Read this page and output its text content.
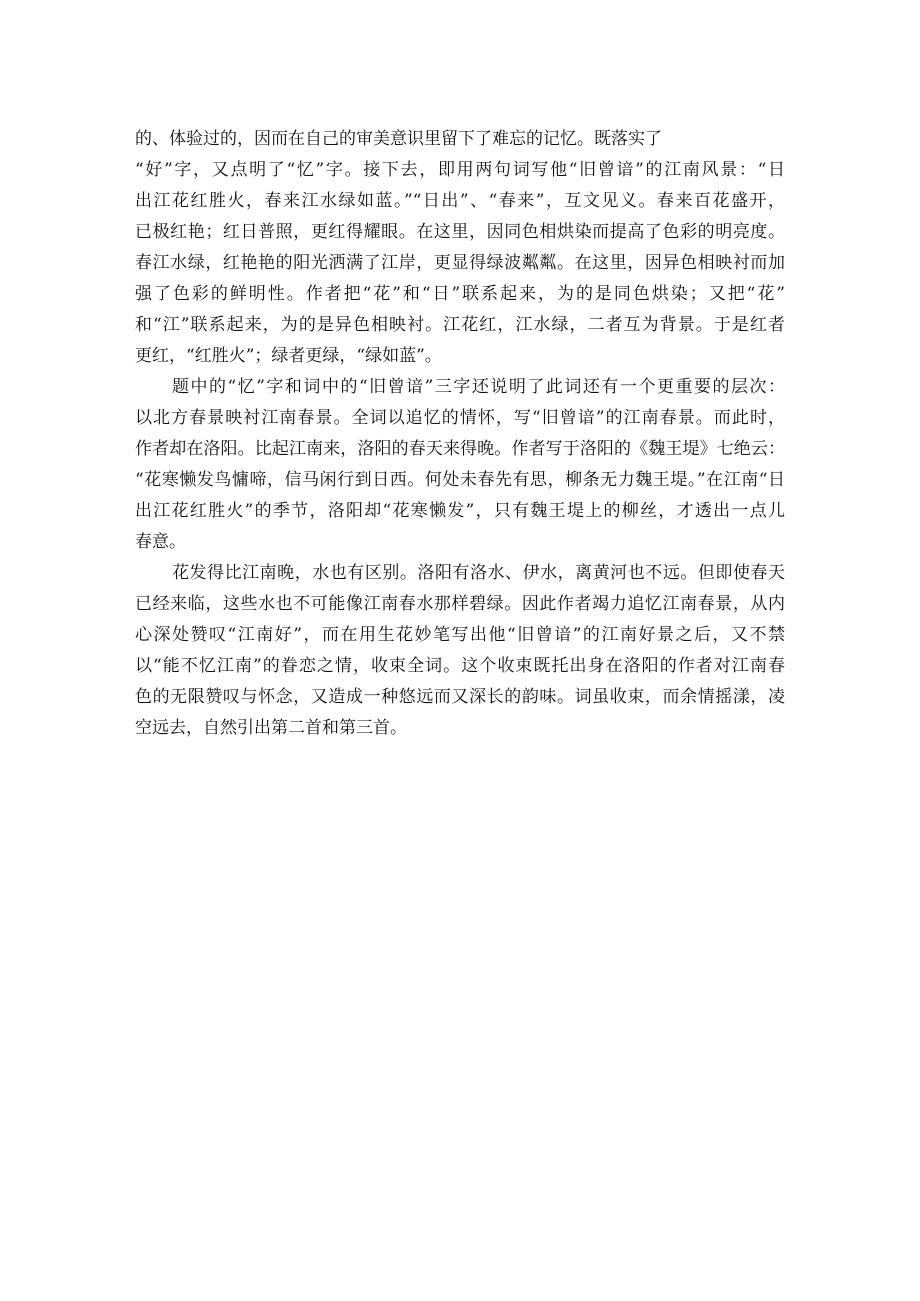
的、体验过的，因而在自己的审美意识里留下了难忘的记忆。既落实了
“好”字，又点明了“忆”字。接下去，即用两句词写他“旧曾谙”的江南风景：“日
出江花红胜火，春来江水绿如蓝。”“日出”、“春来”，互文见义。春来百花盛开，
已极红艳；红日普照，更红得耀眼。在这里，因同色相烘染而提高了色彩的明亮度。
春江水绿，红艳艳的阳光洒满了江岸，更显得绿波粼粼。在这里，因异色相映衬而加
强了色彩的鲜明性。作者把“花”和“日”联系起来，为的是同色烘染；又把“花”
和“江”联系起来，为的是异色相映衬。江花红，江水绿，二者互为背景。于是红者
更红，“红胜火”；绿者更绿，“绿如蓝”。
题中的“忆”字和词中的“旧曾谙”三字还说明了此词还有一个更重要的层次：
以北方春景映衬江南春景。全词以追忆的情怀，写“旧曾谙”的江南春景。而此时，
作者却在洛阳。比起江南来，洛阳的春天来得晚。作者写于洛阳的《魏王堤》七绝云：
“花寒懒发鸟慵啼，信马闲行到日西。何处未春先有思，柳条无力魏王堤。”在江南“日
出江花红胜火”的季节，洛阳却“花寒懒发”，只有魏王堤上的柳丝，才透出一点儿
春意。
花发得比江南晚，水也有区别。洛阳有洛水、伊水，离黄河也不远。但即使春天
已经来临，这些水也不可能像江南春水那样碧绿。因此作者竭力追忆江南春景，从内
心深处赞叹“江南好”，而在用生花妙笔写出他“旧曾谙”的江南好景之后，又不禁
以“能不忆江南”的眷恋之情，收束全词。这个收束既托出身在洛阳的作者对江南春
色的无限赞叹与怀念，又造成一种悠远而又深长的韵味。词虽收束，而余情摇漾，凌
空远去，自然引出第二首和第三首。
